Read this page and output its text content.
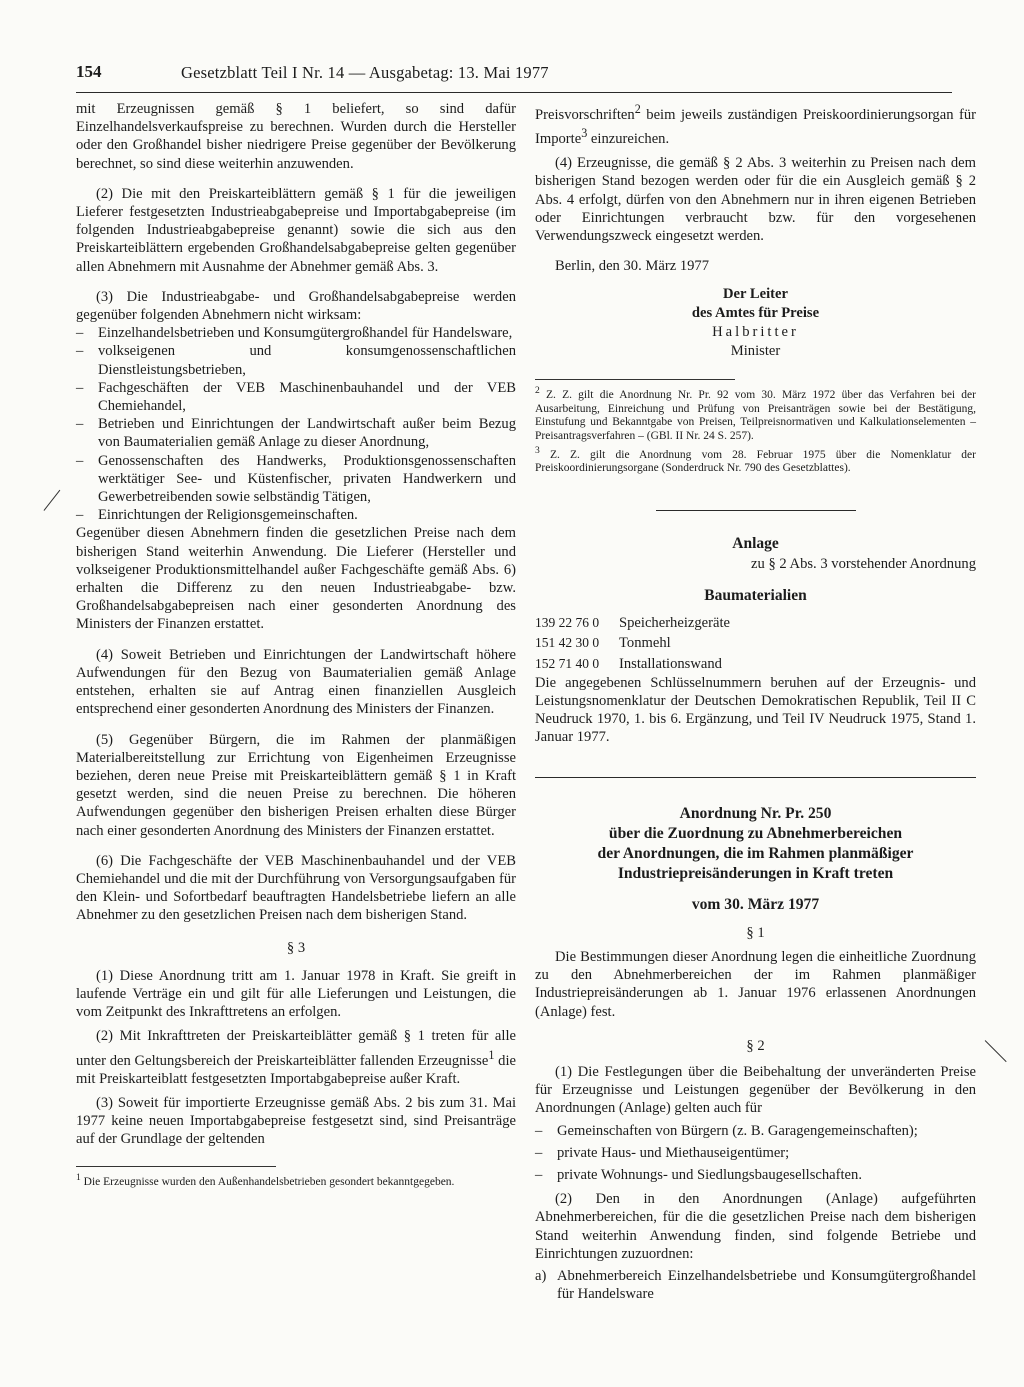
154	Gesetzblatt Teil I Nr. 14 — Ausgabetag: 13. Mai 1977

mit Erzeugnissen gemäß § 1 beliefert, so sind dafür Einzelhandelsverkaufspreise zu berechnen. Wurden durch die Hersteller oder den Großhandel bisher niedrigere Preise gegenüber der Bevölkerung berechnet, so sind diese weiterhin anzuwenden.

(2) Die mit den Preiskarteiblättern gemäß § 1 für die jeweiligen Lieferer festgesetzten Industrieabgabepreise und Importabgabepreise (im folgenden Industrieabgabepreise genannt) sowie die sich aus den Preiskarteiblättern ergebenden Großhandelsabgabepreise gelten gegenüber allen Abnehmern mit Ausnahme der Abnehmer gemäß Abs. 3.

(3) Die Industrieabgabe- und Großhandelsabgabepreise werden gegenüber folgenden Abnehmern nicht wirksam:

– Einzelhandelsbetrieben und Konsumgütergroßhandel für Handelsware,
– volkseigenen und konsumgenossenschaftlichen Dienstleistungsbetrieben,
– Fachgeschäften der VEB Maschinenbauhandel und der VEB Chemiehandel,
– Betrieben und Einrichtungen der Landwirtschaft außer beim Bezug von Baumaterialien gemäß Anlage zu dieser Anordnung,
– Genossenschaften des Handwerks, Produktionsgenossenschaften werktätiger See- und Küstenfischer, privaten Handwerkern und Gewerbetreibenden sowie selbständig Tätigen,
– Einrichtungen der Religionsgemeinschaften.

Gegenüber diesen Abnehmern finden die gesetzlichen Preise nach dem bisherigen Stand weiterhin Anwendung. Die Lieferer (Hersteller und volkseigener Produktionsmittelhandel außer Fachgeschäfte gemäß Abs. 6) erhalten die Differenz zu den neuen Industrieabgabe- bzw. Großhandelsabgabepreisen nach einer gesonderten Anordnung des Ministers der Finanzen erstattet.

(4) Soweit Betrieben und Einrichtungen der Landwirtschaft höhere Aufwendungen für den Bezug von Baumaterialien gemäß Anlage entstehen, erhalten sie auf Antrag einen finanziellen Ausgleich entsprechend einer gesonderten Anordnung des Ministers der Finanzen.

(5) Gegenüber Bürgern, die im Rahmen der planmäßigen Materialbereitstellung zur Errichtung von Eigenheimen Erzeugnisse beziehen, deren neue Preise mit Preiskarteiblättern gemäß § 1 in Kraft gesetzt werden, sind die neuen Preise zu berechnen. Die höheren Aufwendungen gegenüber den bisherigen Preisen erhalten diese Bürger nach einer gesonderten Anordnung des Ministers der Finanzen erstattet.

(6) Die Fachgeschäfte der VEB Maschinenbauhandel und der VEB Chemiehandel und die mit der Durchführung von Versorgungsaufgaben für den Klein- und Sofortbedarf beauftragten Handelsbetriebe liefern an alle Abnehmer zu den gesetzlichen Preisen nach dem bisherigen Stand.

§ 3

(1) Diese Anordnung tritt am 1. Januar 1978 in Kraft. Sie greift in laufende Verträge ein und gilt für alle Lieferungen und Leistungen, die vom Zeitpunkt des Inkrafttretens an erfolgen.

(2) Mit Inkrafttreten der Preiskarteiblätter gemäß § 1 treten für alle unter den Geltungsbereich der Preiskarteiblätter fallenden Erzeugnisse$^1$ die mit Preiskarteiblatt festgesetzten Importabgabepreise außer Kraft.

(3) Soweit für importierte Erzeugnisse gemäß Abs. 2 bis zum 31. Mai 1977 keine neuen Importabgabepreise festgesetzt sind, sind Preisanträge auf der Grundlage der geltenden

$^1$ Die Erzeugnisse wurden den Außenhandelsbetrieben gesondert bekanntgegeben.

Preisvorschriften$^2$ beim jeweils zuständigen Preiskoordinierungsorgan für Importe$^3$ einzureichen.

(4) Erzeugnisse, die gemäß § 2 Abs. 3 weiterhin zu Preisen nach dem bisherigen Stand bezogen werden oder für die ein Ausgleich gemäß § 2 Abs. 4 erfolgt, dürfen von den Abnehmern nur in ihren eigenen Betrieben oder Einrichtungen verbraucht bzw. für den vorgesehenen Verwendungszweck eingesetzt werden.

Berlin, den 30. März 1977

Der Leiter
des Amtes für Preise
Halbritter
Minister

$^2$ Z. Z. gilt die Anordnung Nr. Pr. 92 vom 30. März 1972 über das Verfahren bei der Ausarbeitung, Einreichung und Prüfung von Preisanträgen sowie bei der Bestätigung, Einstufung und Bekanntgabe von Preisen, Teilpreisnormativen und Kalkulationselementen – Preisantragsverfahren – (GBl. II Nr. 24 S. 257).

$^3$ Z. Z. gilt die Anordnung vom 28. Februar 1975 über die Nomenklatur der Preiskoordinierungsorgane (Sonderdruck Nr. 790 des Gesetzblattes).

Anlage
zu § 2 Abs. 3 vorstehender Anordnung
Baumaterialien
139 22 76 0	Speicherheizgeräte
151 42 30 0	Tonmehl
152 71 40 0	Installationswand

Die angegebenen Schlüsselnummern beruhen auf der Erzeugnis- und Leistungsnomenklatur der Deutschen Demokratischen Republik, Teil II C Neudruck 1970, 1. bis 6. Ergänzung, und Teil IV Neudruck 1975, Stand 1. Januar 1977.

Anordnung Nr. Pr. 250
über die Zuordnung zu Abnehmerbereichen
der Anordnungen, die im Rahmen planmäßiger
Industriepreisänderungen in Kraft treten
vom 30. März 1977
§ 1

Die Bestimmungen dieser Anordnung legen die einheitliche Zuordnung zu den Abnehmerbereichen der im Rahmen planmäßiger Industriepreisänderungen ab 1. Januar 1976 erlassenen Anordnungen (Anlage) fest.

§ 2

(1) Die Festlegungen über die Beibehaltung der unveränderten Preise für Erzeugnisse und Leistungen gegenüber der Bevölkerung in den Anordnungen (Anlage) gelten auch für

– Gemeinschaften von Bürgern (z. B. Garagengemeinschaften);
– private Haus- und Miethauseigentümer;
– private Wohnungs- und Siedlungsbaugesellschaften.

(2) Den in den Anordnungen (Anlage) aufgeführten Abnehmerbereichen, für die die gesetzlichen Preise nach dem bisherigen Stand weiterhin Anwendung finden, sind folgende Betriebe und Einrichtungen zuzuordnen:

a) Abnehmerbereich Einzelhandelsbetriebe und Konsumgütergroßhandel für Handelsware
